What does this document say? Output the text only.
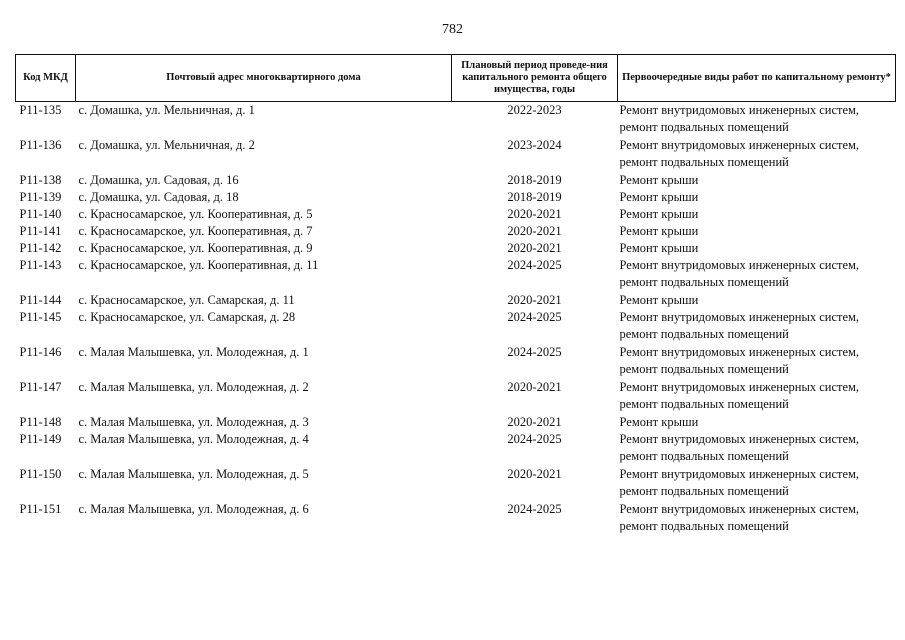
782
Код МКД	Почтовый адрес многоквартирного дома	Плановый период проведе-ния капитального ремонта общего имущества, годы	Первоочередные виды работ по капитальному ремонту*
Р11-135	с. Домашка, ул. Мельничная, д. 1	2022-2023	Ремонт внутридомовых инженерных систем, ремонт подвальных помещений
Р11-136	с. Домашка, ул. Мельничная, д. 2	2023-2024	Ремонт внутридомовых инженерных систем, ремонт подвальных помещений
Р11-138	с. Домашка, ул. Садовая, д. 16	2018-2019	Ремонт крыши
Р11-139	с. Домашка, ул. Садовая, д. 18	2018-2019	Ремонт крыши
Р11-140	с. Красносамарское, ул. Кооперативная, д. 5	2020-2021	Ремонт крыши
Р11-141	с. Красносамарское, ул. Кооперативная, д. 7	2020-2021	Ремонт крыши
Р11-142	с. Красносамарское, ул. Кооперативная, д. 9	2020-2021	Ремонт крыши
Р11-143	с. Красносамарское, ул. Кооперативная, д. 11	2024-2025	Ремонт внутридомовых инженерных систем, ремонт подвальных помещений
Р11-144	с. Красносамарское, ул. Самарская, д. 11	2020-2021	Ремонт крыши
Р11-145	с. Красносамарское, ул. Самарская, д. 28	2024-2025	Ремонт внутридомовых инженерных систем, ремонт подвальных помещений
Р11-146	с. Малая Малышевка, ул. Молодежная, д. 1	2024-2025	Ремонт внутридомовых инженерных систем, ремонт подвальных помещений
Р11-147	с. Малая Малышевка, ул. Молодежная, д. 2	2020-2021	Ремонт внутридомовых инженерных систем, ремонт подвальных помещений
Р11-148	с. Малая Малышевка, ул. Молодежная, д. 3	2020-2021	Ремонт крыши
Р11-149	с. Малая Малышевка, ул. Молодежная, д. 4	2024-2025	Ремонт внутридомовых инженерных систем, ремонт подвальных помещений
Р11-150	с. Малая Малышевка, ул. Молодежная, д. 5	2020-2021	Ремонт внутридомовых инженерных систем, ремонт подвальных помещений
Р11-151	с. Малая Малышевка, ул. Молодежная, д. 6	2024-2025	Ремонт внутридомовых инженерных систем, ремонт подвальных помещений
